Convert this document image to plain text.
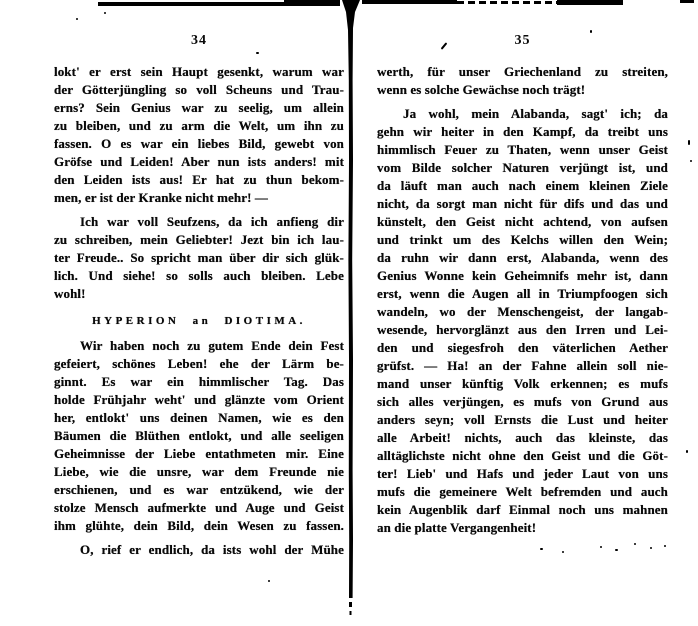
34
lokt' er erst sein Haupt gesenkt, warum war
der Götterjüngling so voll Scheuns und Trau-
erns? Sein Genius war zu seelig, um allein
zu bleiben, und zu arm die Welt, um ihn zu
fassen. O es war ein liebes Bild, gewebt von
Gröfse und Leiden! Aber nun ists anders! mit
den Leiden ists aus! Er hat zu thun bekom-
men, er ist der Kranke nicht mehr! —
Ich war voll Seufzens, da ich anfieng dir
zu schreiben, mein Geliebter! Jezt bin ich lau-
ter Freude.. So spricht man über dir sich glük-
lich. Und siehe! so solls auch bleiben. Lebe
wohl!
HYPERION an DIOTIMA.
Wir haben noch zu gutem Ende dein Fest
gefeiert, schönes Leben! ehe der Lärm be-
ginnt. Es war ein himmlischer Tag. Das
holde Frühjahr weht' und glänzte vom Orient
her, entlokt' uns deinen Namen, wie es den
Bäumen die Blüthen entlokt, und alle seeligen
Geheimnisse der Liebe entathmeten mir. Eine
Liebe, wie die unsre, war dem Freunde nie
erschienen, und es war entzükend, wie der
stolze Mensch aufmerkte und Auge und Geist
ihm glühte, dein Bild, dein Wesen zu fassen.
O, rief er endlich, da ists wohl der Mühe
35
werth, für unser Griechenland zu streiten,
wenn es solche Gewächse noch trägt!
Ja wohl, mein Alabanda, sagt' ich; da
gehn wir heiter in den Kampf, da treibt uns
himmlisch Feuer zu Thaten, wenn unser Geist
vom Bilde solcher Naturen verjüngt ist, und
da läuft man auch nach einem kleinen Ziele
nicht, da sorgt man nicht für difs und das und
künstelt, den Geist nicht achtend, von aufsen
und trinkt um des Kelchs willen den Wein;
da ruhn wir dann erst, Alabanda, wenn des
Genius Wonne kein Geheimnifs mehr ist, dann
erst, wenn die Augen all in Triumpfoogen sich
wandeln, wo der Menschengeist, der langab-
wesende, hervorglänzt aus den Irren und Lei-
den und siegesfroh den väterlichen Aether
grüfst. — Ha! an der Fahne allein soll nie-
mand unser künftig Volk erkennen; es mufs
sich alles verjüngen, es mufs von Grund aus
anders seyn; voll Ernsts die Lust und heiter
alle Arbeit! nichts, auch das kleinste, das
alltäglichste nicht ohne den Geist und die Göt-
ter! Lieb' und Hafs und jeder Laut von uns
mufs die gemeinere Welt befremden und auch
kein Augenblik darf Einmal noch uns mahnen
an die platte Vergangenheit!
